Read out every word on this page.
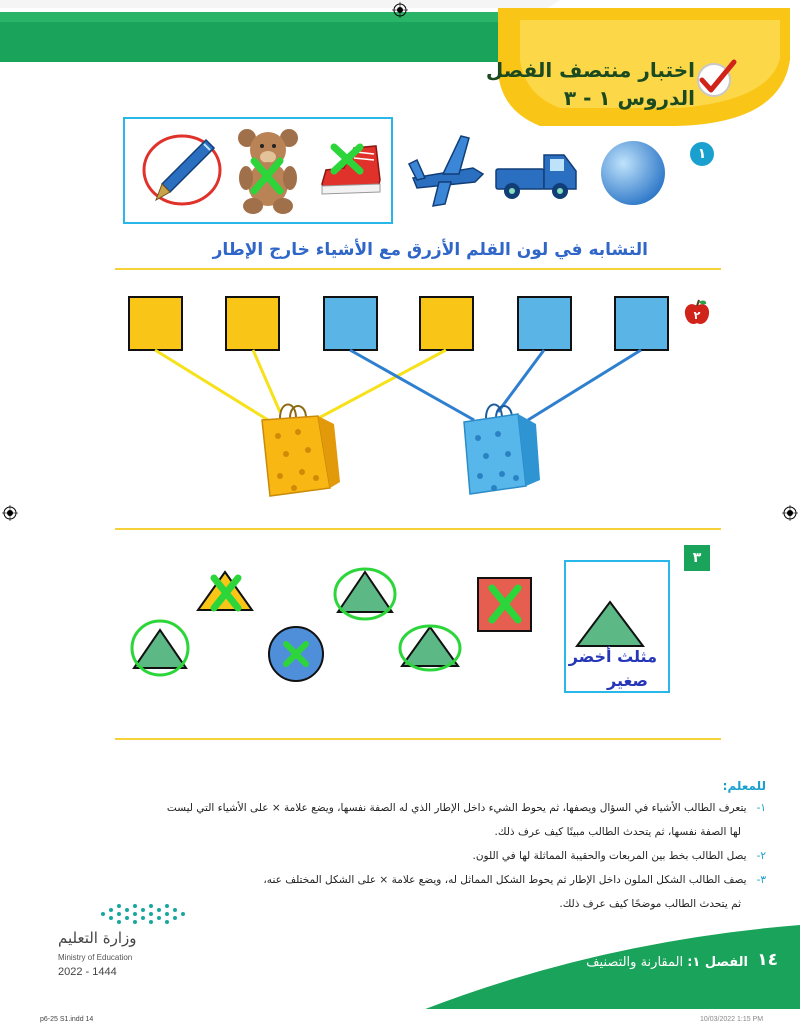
اختبار منتصف الفصل
الدروس ١ - ٣
١
التشابه في لون القلم الأزرق مع الأشياء خارج الإطار
٢
٣
مثلث أخضر
صغير
للمعلم:
١-يتعرف الطالب الأشياء في السؤال ويصفها، ثم يحوط الشيء داخل الإطار الذي له الصفة نفسها، ويضع علامة × على الأشياء التي ليست
لها الصفة نفسها، ثم يتحدث الطالب مبينًا كيف عرف ذلك.
٢-يصل الطالب بخط بين المربعات والحقيبة المماثلة لها في اللون.
٣-يصف الطالب الشكل الملون داخل الإطار ثم يحوط الشكل المماثل له، ويضع علامة × على الشكل المختلف عنه،
ثم يتحدث الطالب موضحًا كيف عرف ذلك.
وزارة التعليم
Ministry of Education
2022 - 1444
الفصل ١: المقارنة والتصنيف	١٤
p6-25 S1.indd 14	10/03/2022 1:15 PM
